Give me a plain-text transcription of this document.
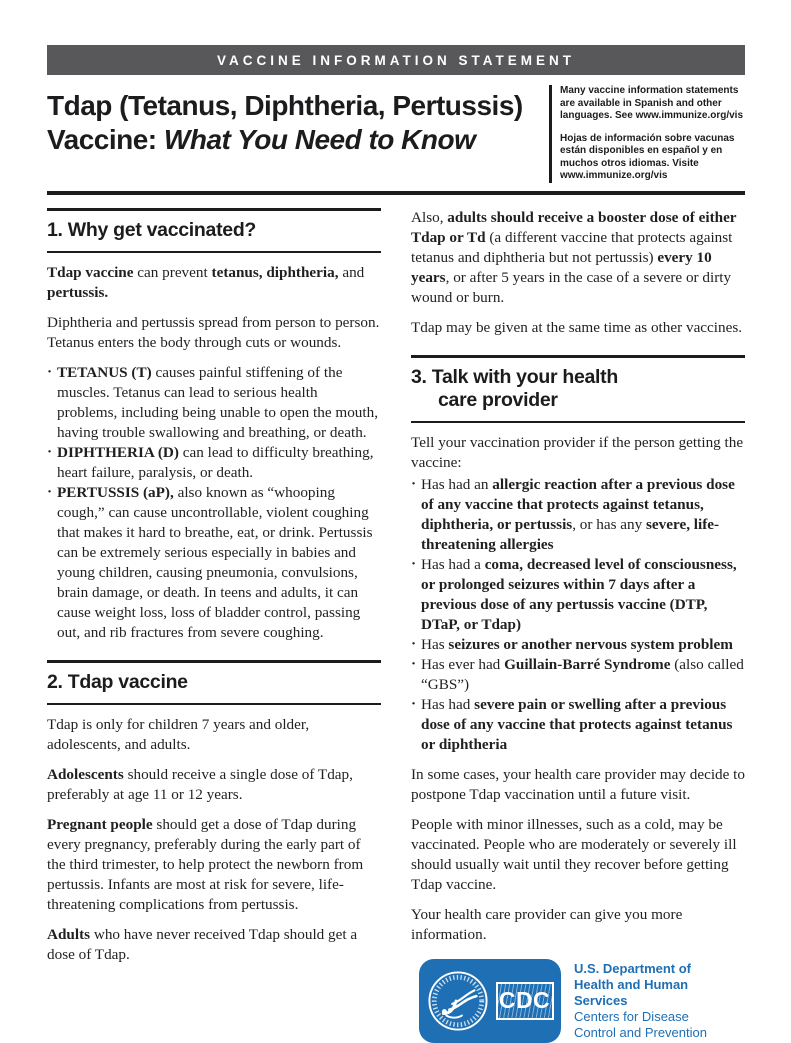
VACCINE INFORMATION STATEMENT
Tdap (Tetanus, Diphtheria, Pertussis)
Vaccine: What You Need to Know

Many vaccine information statements are available in Spanish and other languages. See www.immunize.org/vis

Hojas de información sobre vacunas están disponibles en español y en muchos otros idiomas. Visite www.immunize.org/vis

1. Why get vaccinated?

Tdap vaccine can prevent tetanus, diphtheria, and pertussis.

Diphtheria and pertussis spread from person to person. Tetanus enters the body through cuts or wounds.

· TETANUS (T) causes painful stiffening of the muscles. Tetanus can lead to serious health problems, including being unable to open the mouth, having trouble swallowing and breathing, or death.
· DIPHTHERIA (D) can lead to difficulty breathing, heart failure, paralysis, or death.
· PERTUSSIS (aP), also known as “whooping cough,” can cause uncontrollable, violent coughing that makes it hard to breathe, eat, or drink. Pertussis can be extremely serious especially in babies and young children, causing pneumonia, convulsions, brain damage, or death. In teens and adults, it can cause weight loss, loss of bladder control, passing out, and rib fractures from severe coughing.
2. Tdap vaccine

Tdap is only for children 7 years and older, adolescents, and adults.

Adolescents should receive a single dose of Tdap, preferably at age 11 or 12 years.

Pregnant people should get a dose of Tdap during every pregnancy, preferably during the early part of the third trimester, to help protect the newborn from pertussis. Infants are most at risk for severe, life-threatening complications from pertussis.

Adults who have never received Tdap should get a dose of Tdap.

Also, adults should receive a booster dose of either Tdap or Td (a different vaccine that protects against tetanus and diphtheria but not pertussis) every 10 years, or after 5 years in the case of a severe or dirty wound or burn.

Tdap may be given at the same time as other vaccines.

3. Talk with your health
care provider

Tell your vaccination provider if the person getting the vaccine:

· Has had an allergic reaction after a previous dose of any vaccine that protects against tetanus, diphtheria, or pertussis, or has any severe, life-threatening allergies
· Has had a coma, decreased level of consciousness, or prolonged seizures within 7 days after a previous dose of any pertussis vaccine (DTP, DTaP, or Tdap)
· Has seizures or another nervous system problem
· Has ever had Guillain-Barré Syndrome (also called “GBS”)
· Has had severe pain or swelling after a previous dose of any vaccine that protects against tetanus or diphtheria

In some cases, your health care provider may decide to postpone Tdap vaccination until a future visit.

People with minor illnesses, such as a cold, may be vaccinated. People who are moderately or severely ill should usually wait until they recover before getting Tdap vaccine.

Your health care provider can give you more information.

CDC
U.S. Department of
Health and Human Services
Centers for Disease
Control and Prevention
